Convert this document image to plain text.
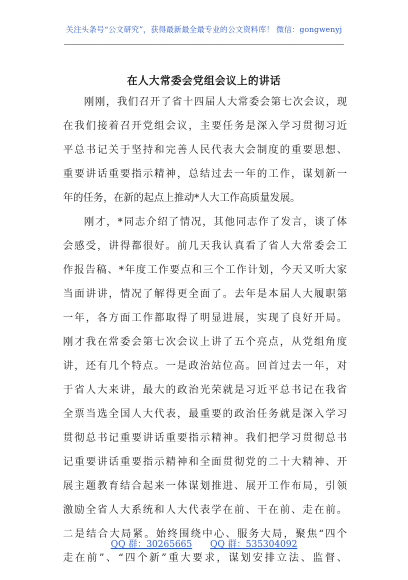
关注头条号“公文研究”，获得最新最全最专业的公文资料库！ 微信：gongwenyj
在人大常委会党组会议上的讲话
刚刚，我们召开了省十四届人大常委会第七次会议，现
在我们接着召开党组会议，主要任务是深入学习贯彻习近
平总书记关于坚持和完善人民代表大会制度的重要思想、
重要讲话重要指示精神，总结过去一年的工作，谋划新一
年的任务，在新的起点上推动*人大工作高质量发展。
刚才，*同志介绍了情况，其他同志作了发言，谈了体
会感受，讲得都很好。前几天我认真看了省人大常委会工
作报告稿、*年度工作要点和三个工作计划，今天又听大家
当面讲讲，情况了解得更全面了。去年是本届人大履职第
一年，各方面工作都取得了明显进展，实现了良好开局。
刚才我在常委会第七次会议上讲了五个亮点，从党组角度
讲，还有几个特点。一是政治站位高。回首过去一年，对
于省人大来讲，最大的政治光荣就是习近平总书记在我省
全票当选全国人大代表，最重要的政治任务就是深入学习
贯彻总书记重要讲话重要指示精神。我们把学习贯彻总书
记重要讲话重要指示精神和全面贯彻党的二十大精神、开
展主题教育结合起来一体谋划推进、展开工作布局，引领
激励全省人大系统和人大代表学在前、干在前、走在前。
二是结合大局紧。始终围绕中心、服务大局，聚焦“四个
走在前”、“四个新”重大要求，谋划安排立法、监督、
QQ 群：30265665 QQ 群：535304092
